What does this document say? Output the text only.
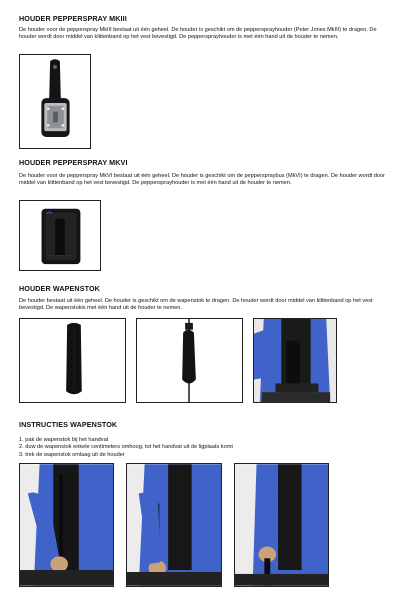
HOUDER PEPPERSPRAY MKIII
De houder voor de pepperspray MkIII bestaat uit één geheel. De houder is geschikt om de pepperspray​houder (Peter Jones MkIII) te dragen. De houder wordt door middel van klittenband op het vest bevestigd. De pepperspray​houder is met één hand uit de houder te nemen.
HOUDER PEPPERSPRAY MKVI
De houder voor de pepperspray MkVI bestaat uit één geheel. De houder is geschikt om de pepperspraybus (MkVI) te dragen. De houder wordt door middel van klittenband op het vest bevestigd. De pepperspray​houder is met één hand uit de houder te nemen.
HOUDER WAPENSTOK
De houder bestaat uit één geheel. De houder is geschikt om de wapenstok te dragen. De houder wordt door middel van klittenband op het vest bevestigd. De wapenstokis met één hand uit de houder te nemen.
INSTRUCTIES WAPENSTOK
1. pak de wapenstok bij het handvat
2. duw de wapenstok enkele centimeters omhoog, tot het handvat uit de ligplaats komt
3. trek de wapenstok omlaag uit de houder
